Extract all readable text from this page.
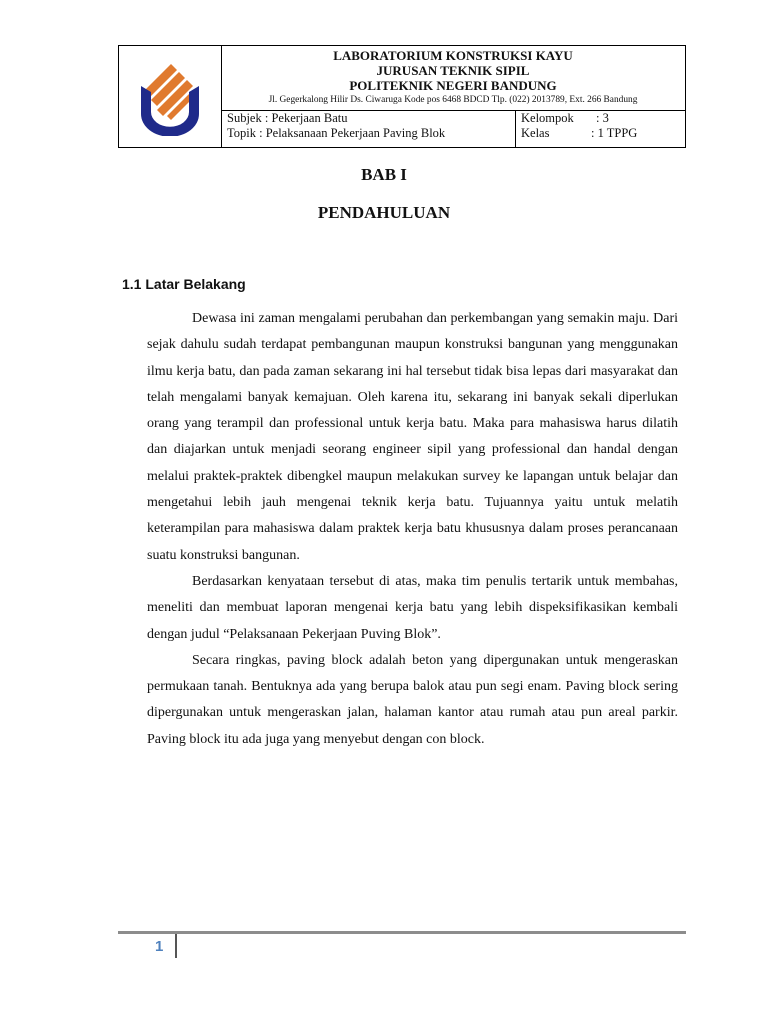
LABORATORIUM KONSTRUKSI KAYU
JURUSAN TEKNIK SIPIL
POLITEKNIK NEGERI BANDUNG
Jl. Gegerkalong Hilir Ds. Ciwaruga Kode pos 6468 BDCD Tlp. (022) 2013789, Ext. 266 Bandung
Subjek : Pekerjaan Batu
Topik : Pelaksanaan Pekerjaan Paving Blok
Kelompok : 3
Kelas	: 1 TPPG
BAB I
PENDAHULUAN
1.1 Latar Belakang

Dewasa ini zaman mengalami perubahan dan perkembangan yang semakin maju. Dari sejak dahulu sudah terdapat pembangunan maupun konstruksi bangunan yang menggunakan ilmu kerja batu, dan pada zaman sekarang ini hal tersebut tidak bisa lepas dari masyarakat dan telah mengalami banyak kemajuan. Oleh karena itu, sekarang ini banyak sekali diperlukan orang yang terampil dan professional untuk kerja batu. Maka para mahasiswa harus dilatih dan diajarkan untuk menjadi seorang engineer sipil yang professional dan handal dengan melalui praktek-praktek dibengkel maupun melakukan survey ke lapangan untuk belajar dan mengetahui lebih jauh mengenai teknik kerja batu. Tujuannya yaitu untuk melatih keterampilan para mahasiswa dalam praktek kerja batu khususnya dalam proses perancanaan suatu konstruksi bangunan.

Berdasarkan kenyataan tersebut di atas, maka tim penulis tertarik untuk membahas, meneliti dan membuat laporan mengenai kerja batu yang lebih dispeksifikasikan kembali dengan judul “Pelaksanaan Pekerjaan Puving Blok”.

Secara ringkas, paving block adalah beton yang dipergunakan untuk mengeraskan permukaan tanah. Bentuknya ada yang berupa balok atau pun segi enam. Paving block sering dipergunakan untuk mengeraskan jalan, halaman kantor atau rumah atau pun areal parkir. Paving block itu ada juga yang menyebut dengan con block.

1
